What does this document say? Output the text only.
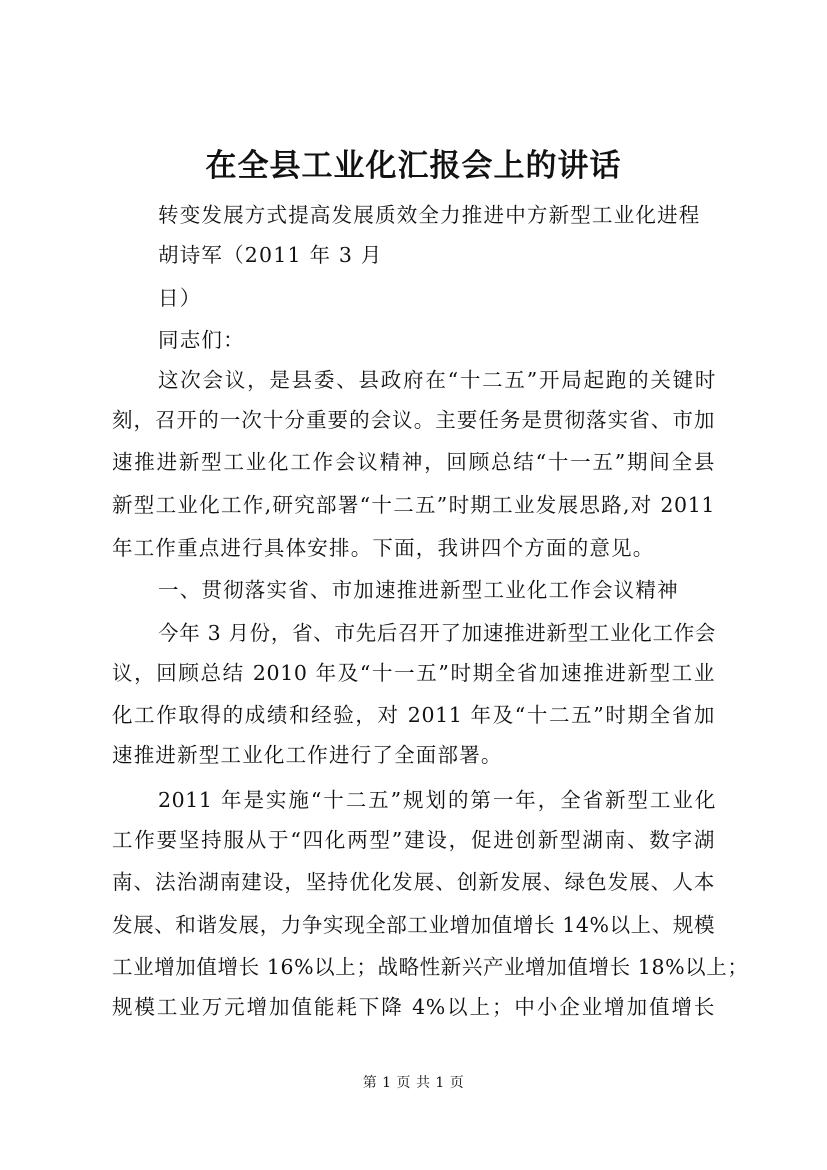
在全县工业化汇报会上的讲话
转变发展方式提高发展质效全力推进中方新型工业化进程
胡诗军（2011 年 3 月
日）
同志们：
这次会议，是县委、县政府在“十二五”开局起跑的关键时
刻，召开的一次十分重要的会议。主要任务是贯彻落实省、市加
速推进新型工业化工作会议精神，回顾总结“十一五”期间全县
新型工业化工作,研究部署“十二五”时期工业发展思路,对 2011
年工作重点进行具体安排。下面，我讲四个方面的意见。
一、贯彻落实省、市加速推进新型工业化工作会议精神
今年 3 月份，省、市先后召开了加速推进新型工业化工作会
议，回顾总结 2010 年及“十一五”时期全省加速推进新型工业
化工作取得的成绩和经验，对 2011 年及“十二五”时期全省加
速推进新型工业化工作进行了全面部署。
2011 年是实施“十二五”规划的第一年，全省新型工业化
工作要坚持服从于“四化两型”建设，促进创新型湖南、数字湖
南、法治湖南建设，坚持优化发展、创新发展、绿色发展、人本
发展、和谐发展，力争实现全部工业增加值增长 14%以上、规模
工业增加值增长 16%以上；战略性新兴产业增加值增长 18%以上；
规模工业万元增加值能耗下降 4%以上；中小企业增加值增长
第 1 页 共 1 页
